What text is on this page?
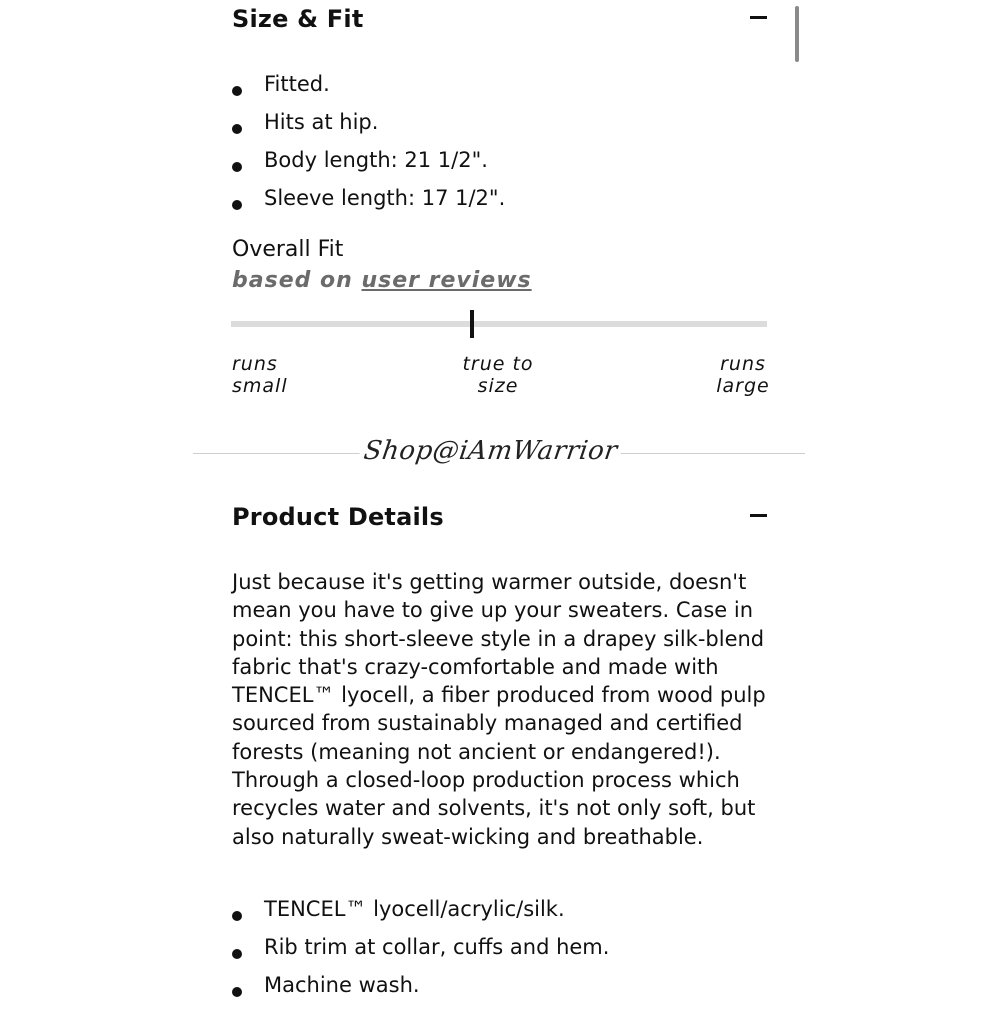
Size & Fit
Fitted.
Hits at hip.
Body length: 21 1/2".
Sleeve length: 17 1/2".
Overall Fit
based on user reviews
runs
small
true to
size
runs
large
Shop@iAmWarrior
Product Details

Just because it's getting warmer outside, doesn't mean you have to give up your sweaters. Case in point: this short-sleeve style in a drapey silk-blend fabric that's crazy-comfortable and made with TENCEL™ lyocell, a fiber produced from wood pulp sourced from sustainably managed and certified forests (meaning not ancient or endangered!). Through a closed-loop production process which recycles water and solvents, it's not only soft, but also naturally sweat-wicking and breathable.

TENCEL™ lyocell/acrylic/silk.
Rib trim at collar, cuffs and hem.
Machine wash.
